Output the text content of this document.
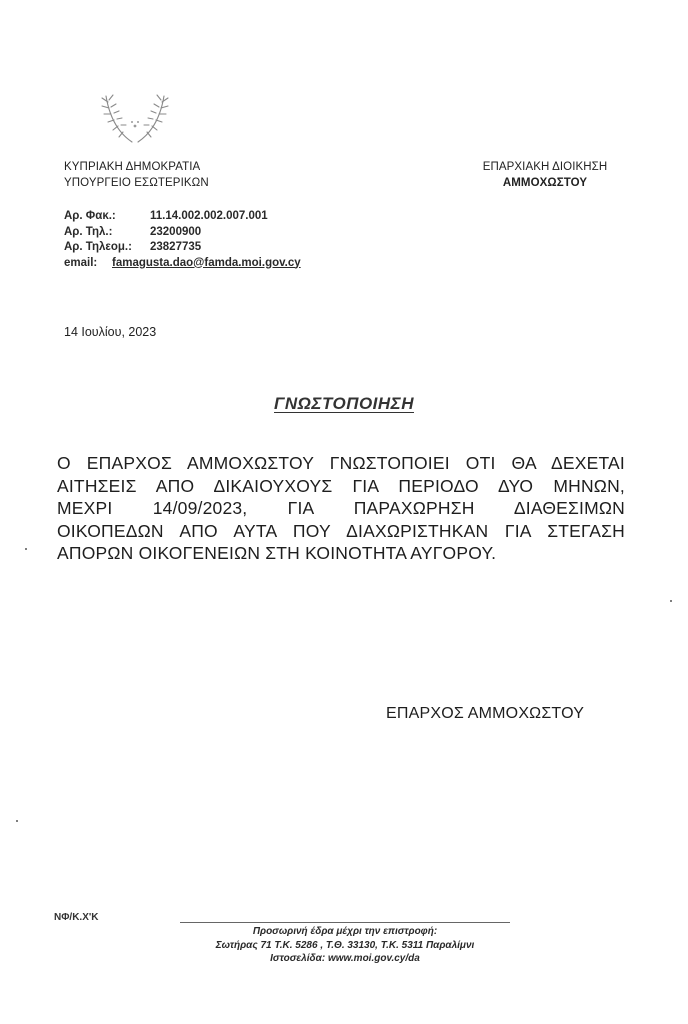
ΚΥΠΡΙΑΚΗ ΔΗΜΟΚΡΑΤΙΑ
ΥΠΟΥΡΓΕΙΟ ΕΣΩΤΕΡΙΚΩΝ
ΕΠΑΡΧΙΑΚΗ ΔΙΟΙΚΗΣΗ
ΑΜΜΟΧΩΣΤΟΥ
Αρ. Φακ.:	11.14.002.002.007.001
Αρ. Τηλ.:	23200900
Αρ. Τηλεομ.:	23827735
email:	famagusta.dao@famda.moi.gov.cy
14 Ιουλίου, 2023
ΓΝΩΣΤΟΠΟΙΗΣΗ
Ο ΕΠΑΡΧΟΣ ΑΜΜΟΧΩΣΤΟΥ ΓΝΩΣΤΟΠΟΙΕΙ ΟΤΙ ΘΑ ΔΕΧΕΤΑΙ
ΑΙΤΗΣΕΙΣ ΑΠΟ ΔΙΚΑΙΟΥΧΟΥΣ ΓΙΑ ΠΕΡΙΟΔΟ ΔΥΟ ΜΗΝΩΝ,
ΜΕΧΡΙ 14/09/2023, ΓΙΑ ΠΑΡΑΧΩΡΗΣΗ ΔΙΑΘΕΣΙΜΩΝ
ΟΙΚΟΠΕΔΩΝ ΑΠΟ ΑΥΤΑ ΠΟΥ ΔΙΑΧΩΡΙΣΤΗΚΑΝ ΓΙΑ ΣΤΕΓΑΣΗ
ΑΠΟΡΩΝ ΟΙΚΟΓΕΝΕΙΩΝ ΣΤΗ ΚΟΙΝΟΤΗΤΑ ΑΥΓΟΡΟΥ.
ΕΠΑΡΧΟΣ ΑΜΜΟΧΩΣΤΟΥ
ΝΦ/Κ.Χ'Κ
Προσωρινή έδρα μέχρι την επιστροφή:
Σωτήρας 71 Τ.Κ. 5286 , Τ.Θ. 33130, Τ.Κ. 5311 Παραλίμνι
Ιστοσελίδα: www.moi.gov.cy/da
